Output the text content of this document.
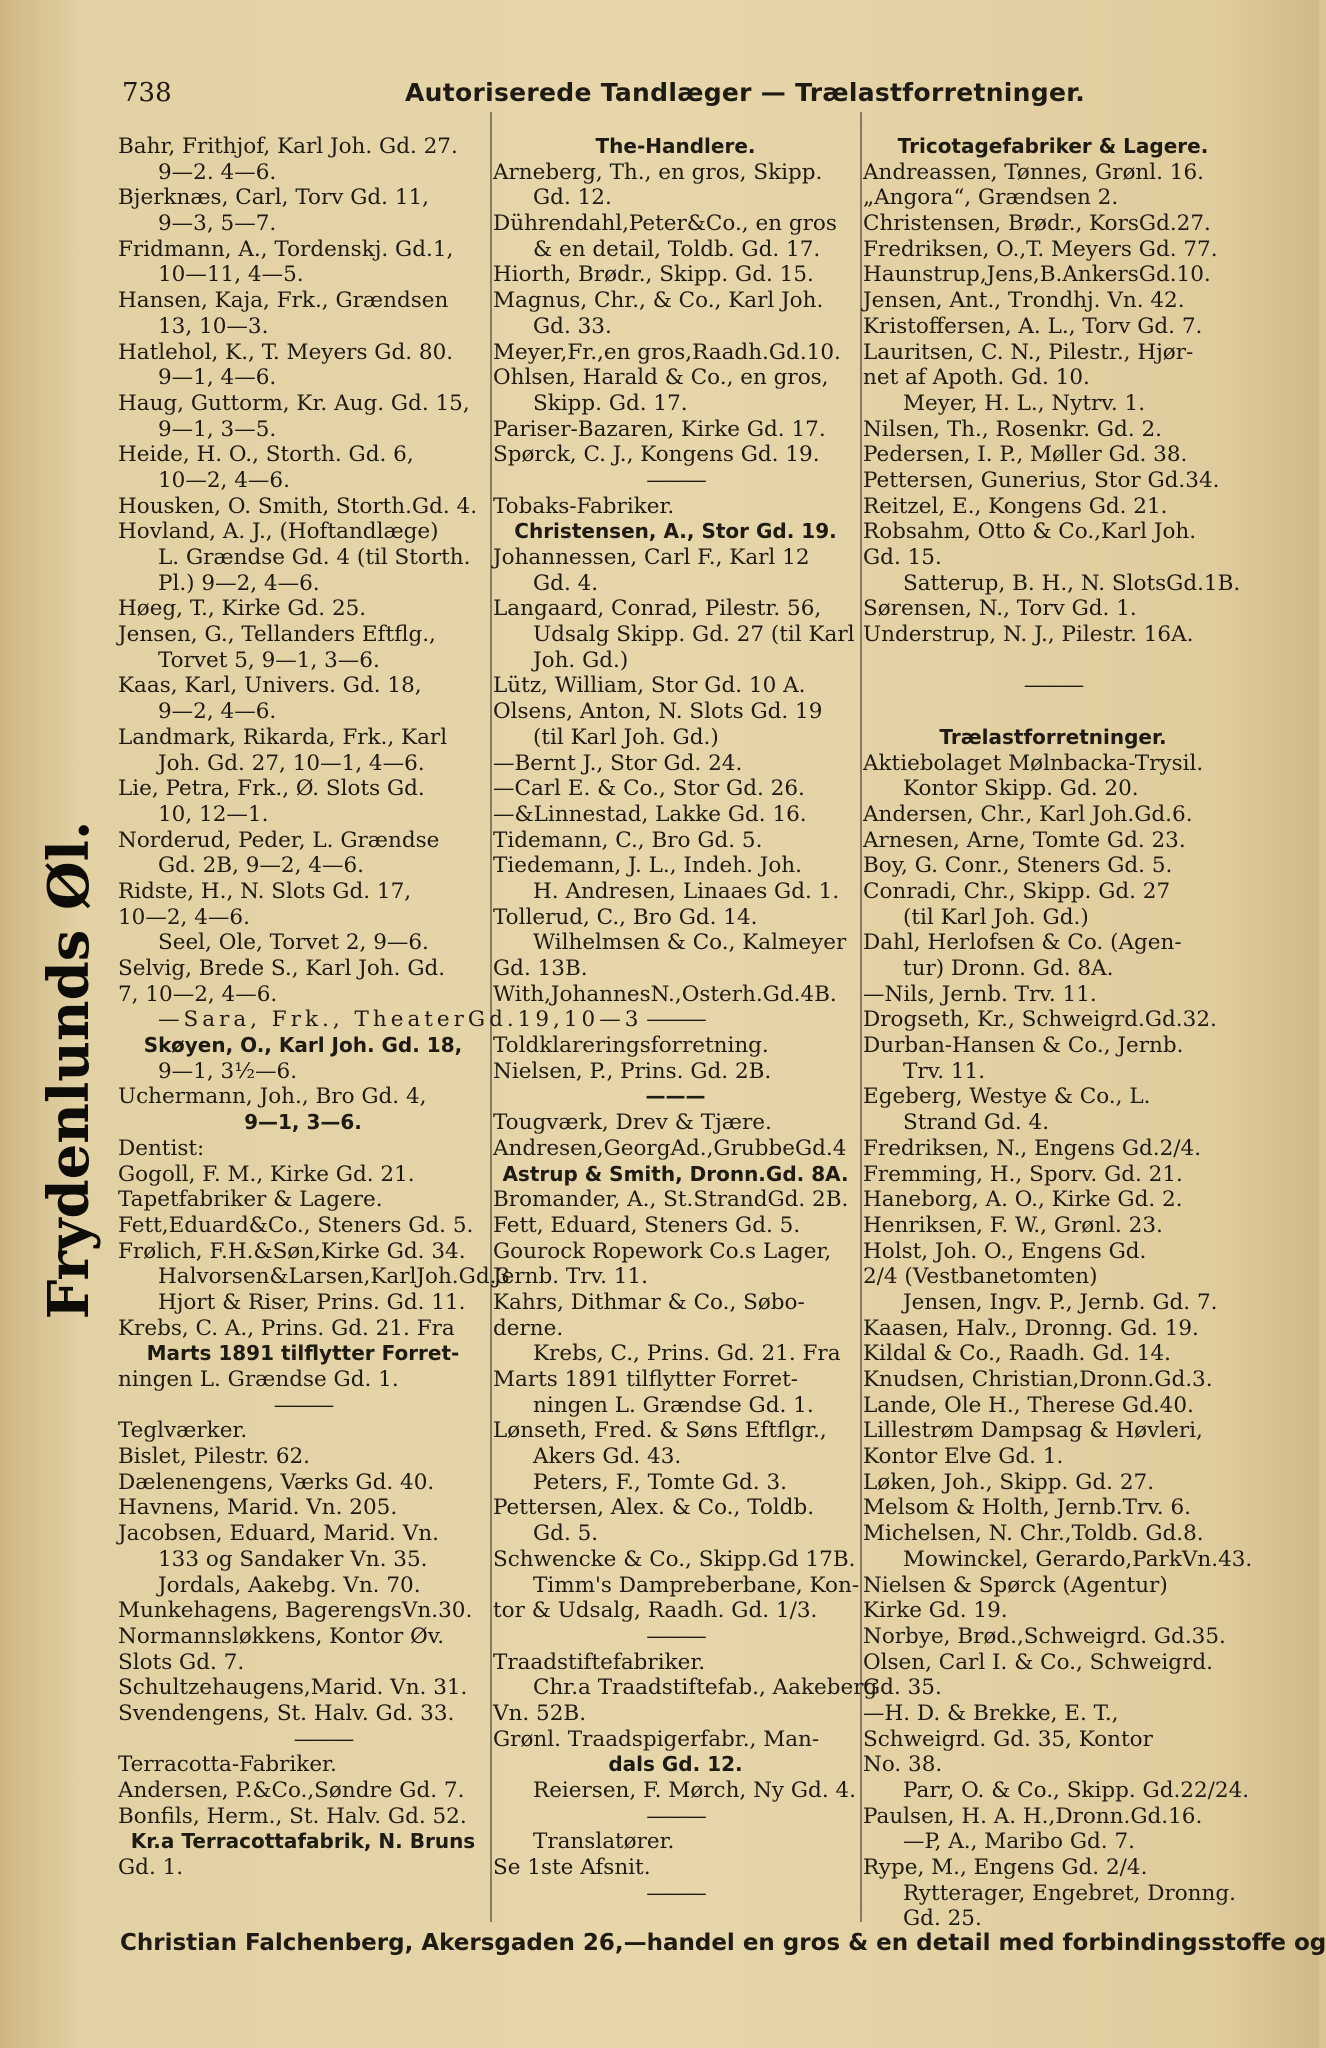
738	Autoriserede Tandlæger — Trælastforretninger.
Frydenlunds Øl.
Bahr, Frithjof, Karl Joh. Gd. 27.
9—2. 4—6.
Bjerknæs, Carl, Torv Gd. 11,
9—3, 5—7.
Fridmann, A., Tordenskj. Gd.1,
10—11, 4—5.
Hansen, Kaja, Frk., Grændsen
13, 10—3.
Hatlehol, K., T. Meyers Gd. 80.
9—1, 4—6.
Haug, Guttorm, Kr. Aug. Gd. 15,
9—1, 3—5.
Heide, H. O., Storth. Gd. 6,
10—2, 4—6.
Housken, O. Smith, Storth.Gd. 4.
Hovland, A. J., (Hoftandlæge)
L. Grændse Gd. 4 (til Storth.
Pl.) 9—2, 4—6.
Høeg, T., Kirke Gd. 25.
Jensen, G., Tellanders Eftflg.,
Torvet 5, 9—1, 3—6.
Kaas, Karl, Univers. Gd. 18,
9—2, 4—6.
Landmark, Rikarda, Frk., Karl
Joh. Gd. 27, 10—1, 4—6.
Lie, Petra, Frk., Ø. Slots Gd.
10, 12—1.
Norderud, Peder, L. Grændse
Gd. 2B, 9—2, 4—6.
Ridste, H., N. Slots Gd. 17,
10—2, 4—6.
Seel, Ole, Torvet 2, 9—6.
Selvig, Brede S., Karl Joh. Gd.
7, 10—2, 4—6.
—Sara, Frk., TheaterGd.19,10—3
Skøyen, O., Karl Joh. Gd. 18,
9—1, 3½—6.
Uchermann, Joh., Bro Gd. 4,
9—1, 3—6.
Dentist:
Gogoll, F. M., Kirke Gd. 21.
Tapetfabriker & Lagere.
Fett,Eduard&Co., Steners Gd. 5.
Frølich, F.H.&Søn,Kirke Gd. 34.
Halvorsen&Larsen,KarlJoh.Gd.3
Hjort & Riser, Prins. Gd. 11.
Krebs, C. A., Prins. Gd. 21. Fra
Marts 1891 tilflytter Forret-
ningen L. Grændse Gd. 1.
———
Teglværker.
Bislet, Pilestr. 62.
Dælenengens, Værks Gd. 40.
Havnens, Marid. Vn. 205.
Jacobsen, Eduard, Marid. Vn.
133 og Sandaker Vn. 35.
Jordals, Aakebg. Vn. 70.
Munkehagens, BagerengsVn.30.
Normannsløkkens, Kontor Øv.
Slots Gd. 7.
Schultzehaugens,Marid. Vn. 31.
Svendengens, St. Halv. Gd. 33.
———
Terracotta-Fabriker.
Andersen, P.&Co.,Søndre Gd. 7.
Bonfils, Herm., St. Halv. Gd. 52.
Kr.a Terracottafabrik, N. Bruns
Gd. 1.
The-Handlere.
Arneberg, Th., en gros, Skipp.
Gd. 12.
Dührendahl,Peter&Co., en gros
& en detail, Toldb. Gd. 17.
Hiorth, Brødr., Skipp. Gd. 15.
Magnus, Chr., & Co., Karl Joh.
Gd. 33.
Meyer,Fr.,en gros,Raadh.Gd.10.
Ohlsen, Harald & Co., en gros,
Skipp. Gd. 17.
Pariser-Bazaren, Kirke Gd. 17.
Spørck, C. J., Kongens Gd. 19.
———
Tobaks-Fabriker.
Christensen, A., Stor Gd. 19.
Johannessen, Carl F., Karl 12
Gd. 4.
Langaard, Conrad, Pilestr. 56,
Udsalg Skipp. Gd. 27 (til Karl
Joh. Gd.)
Lütz, William, Stor Gd. 10 A.
Olsens, Anton, N. Slots Gd. 19
(til Karl Joh. Gd.)
—Bernt J., Stor Gd. 24.
—Carl E. & Co., Stor Gd. 26.
—&Linnestad, Lakke Gd. 16.
Tidemann, C., Bro Gd. 5.
Tiedemann, J. L., Indeh. Joh.
H. Andresen, Linaaes Gd. 1.
Tollerud, C., Bro Gd. 14.
Wilhelmsen & Co., Kalmeyer
Gd. 13B.
With,JohannesN.,Osterh.Gd.4B.
———
Toldklareringsforretning.
Nielsen, P., Prins. Gd. 2B.
———
Tougværk, Drev & Tjære.
Andresen,GeorgAd.,GrubbeGd.4
Astrup & Smith, Dronn.Gd. 8A.
Bromander, A., St.StrandGd. 2B.
Fett, Eduard, Steners Gd. 5.
Gourock Ropework Co.s Lager,
Jernb. Trv. 11.
Kahrs, Dithmar & Co., Søbo-
derne.
Krebs, C., Prins. Gd. 21. Fra
Marts 1891 tilflytter Forret-
ningen L. Grændse Gd. 1.
Lønseth, Fred. & Søns Eftflgr.,
Akers Gd. 43.
Peters, F., Tomte Gd. 3.
Pettersen, Alex. & Co., Toldb.
Gd. 5.
Schwencke & Co., Skipp.Gd 17B.
Timm's Dampreberbane, Kon-
tor & Udsalg, Raadh. Gd. 1/3.
———
Traadstiftefabriker.
Chr.a Traadstiftefab., Aakeberg
Vn. 52B.
Grønl. Traadspigerfabr., Man-
dals Gd. 12.
Reiersen, F. Mørch, Ny Gd. 4.
———
Translatører.
Se 1ste Afsnit.
———
Tricotagefabriker & Lagere.
Andreassen, Tønnes, Grønl. 16.
„Angora“, Grændsen 2.
Christensen, Brødr., KorsGd.27.
Fredriksen, O.,T. Meyers Gd. 77.
Haunstrup,Jens,B.AnkersGd.10.
Jensen, Ant., Trondhj. Vn. 42.
Kristoffersen, A. L., Torv Gd. 7.
Lauritsen, C. N., Pilestr., Hjør-
net af Apoth. Gd. 10.
Meyer, H. L., Nytrv. 1.
Nilsen, Th., Rosenkr. Gd. 2.
Pedersen, I. P., Møller Gd. 38.
Pettersen, Gunerius, Stor Gd.34.
Reitzel, E., Kongens Gd. 21.
Robsahm, Otto & Co.,Karl Joh.
Gd. 15.
Satterup, B. H., N. SlotsGd.1B.
Sørensen, N., Torv Gd. 1.
Understrup, N. J., Pilestr. 16A.
———
Trælastforretninger.
Aktiebolaget Mølnbacka-Trysil.
Kontor Skipp. Gd. 20.
Andersen, Chr., Karl Joh.Gd.6.
Arnesen, Arne, Tomte Gd. 23.
Boy, G. Conr., Steners Gd. 5.
Conradi, Chr., Skipp. Gd. 27
(til Karl Joh. Gd.)
Dahl, Herlofsen & Co. (Agen-
tur) Dronn. Gd. 8A.
—Nils, Jernb. Trv. 11.
Drogseth, Kr., Schweigrd.Gd.32.
Durban-Hansen & Co., Jernb.
Trv. 11.
Egeberg, Westye & Co., L.
Strand Gd. 4.
Fredriksen, N., Engens Gd.2/4.
Fremming, H., Sporv. Gd. 21.
Haneborg, A. O., Kirke Gd. 2.
Henriksen, F. W., Grønl. 23.
Holst, Joh. O., Engens Gd.
2/4 (Vestbanetomten)
Jensen, Ingv. P., Jernb. Gd. 7.
Kaasen, Halv., Dronng. Gd. 19.
Kildal & Co., Raadh. Gd. 14.
Knudsen, Christian,Dronn.Gd.3.
Lande, Ole H., Therese Gd.40.
Lillestrøm Dampsag & Høvleri,
Kontor Elve Gd. 1.
Løken, Joh., Skipp. Gd. 27.
Melsom & Holth, Jernb.Trv. 6.
Michelsen, N. Chr.,Toldb. Gd.8.
Mowinckel, Gerardo,ParkVn.43.
Nielsen & Spørck (Agentur)
Kirke Gd. 19.
Norbye, Brød.,Schweigrd. Gd.35.
Olsen, Carl I. & Co., Schweigrd.
Gd. 35.
—H. D. & Brekke, E. T.,
Schweigrd. Gd. 35, Kontor
No. 38.
Parr, O. & Co., Skipp. Gd.22/24.
Paulsen, H. A. H.,Dronn.Gd.16.
—P, A., Maribo Gd. 7.
Rype, M., Engens Gd. 2/4.
Rytterager, Engebret, Dronng.
Gd. 25.
Christian Falchenberg, Akersgaden 26,—handel en gros & en detail med forbindingsstoffe og
